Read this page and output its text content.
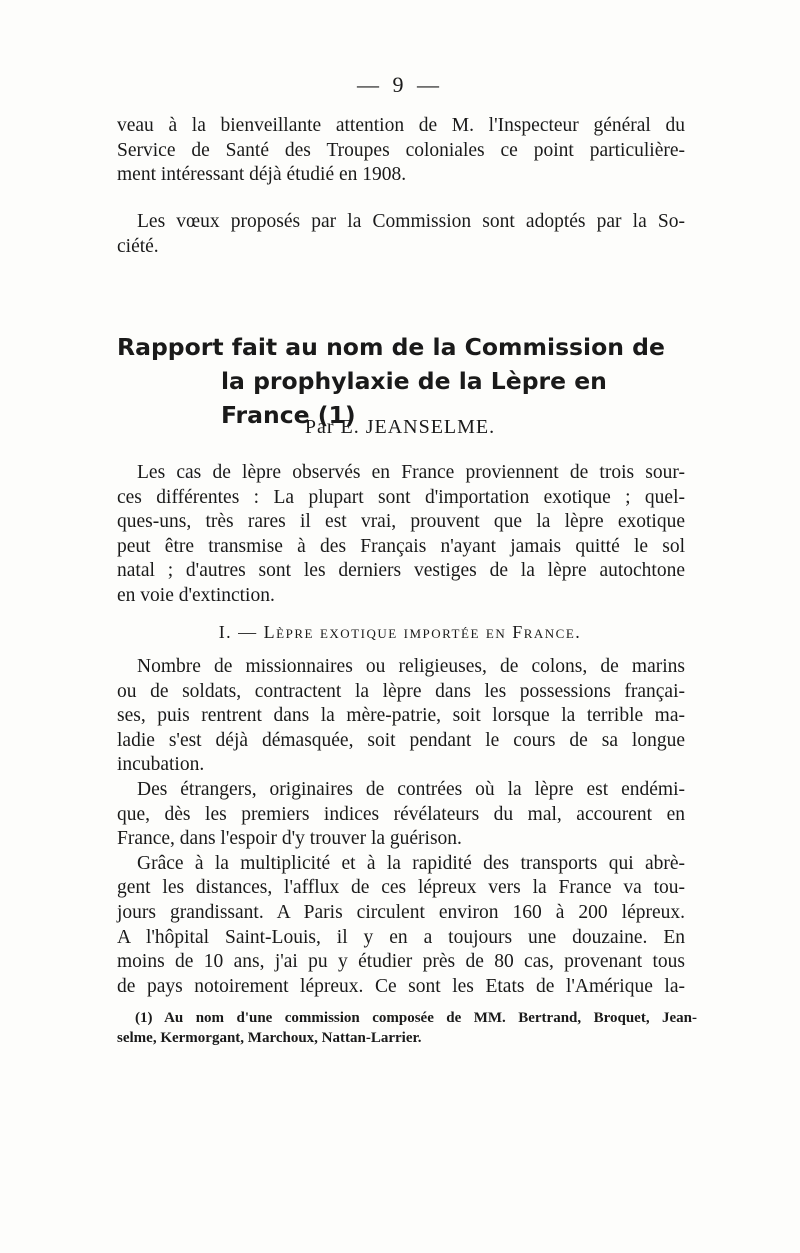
— 9 —
veau à la bienveillante attention de M. l'Inspecteur général du
Service de Santé des Troupes coloniales ce point particulière-
ment intéressant déjà étudié en 1908.
Les vœux proposés par la Commission sont adoptés par la So-
ciété.
Rapport fait au nom de la Commission de
la prophylaxie de la Lèpre en France (1)
Par E. JEANSELME.
Les cas de lèpre observés en France proviennent de trois sour-
ces différentes : La plupart sont d'importation exotique ; quel-
ques-uns, très rares il est vrai, prouvent que la lèpre exotique
peut être transmise à des Français n'ayant jamais quitté le sol
natal ; d'autres sont les derniers vestiges de la lèpre autochtone
en voie d'extinction.
I. — Lèpre exotique importée en France.
Nombre de missionnaires ou religieuses, de colons, de marins
ou de soldats, contractent la lèpre dans les possessions françai-
ses, puis rentrent dans la mère-patrie, soit lorsque la terrible ma-
ladie s'est déjà démasquée, soit pendant le cours de sa longue
incubation.
Des étrangers, originaires de contrées où la lèpre est endémi-
que, dès les premiers indices révélateurs du mal, accourent en
France, dans l'espoir d'y trouver la guérison.
Grâce à la multiplicité et à la rapidité des transports qui abrè-
gent les distances, l'afflux de ces lépreux vers la France va tou-
jours grandissant. A Paris circulent environ 160 à 200 lépreux.
A l'hôpital Saint-Louis, il y en a toujours une douzaine. En
moins de 10 ans, j'ai pu y étudier près de 80 cas, provenant tous
de pays notoirement lépreux. Ce sont les Etats de l'Amérique la-
(1) Au nom d'une commission composée de MM. Bertrand, Broquet, Jean-
selme, Kermorgant, Marchoux, Nattan-Larrier.
